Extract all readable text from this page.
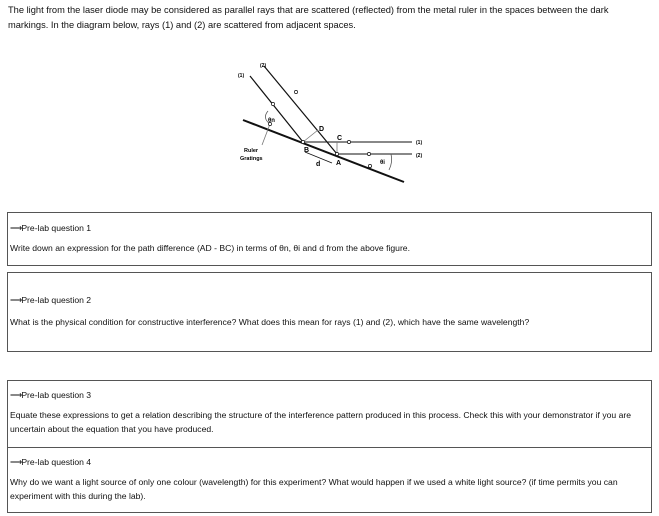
The light from the laser diode may be considered as parallel rays that are scattered (reflected) from the metal ruler in the spaces between the dark markings. In the diagram below, rays (1) and (2) are scattered from adjacent spaces.
(1)
(2)
(1)
(2)
θn
θi
D
C
B
A
d
Ruler
Gratings
⟶Pre-lab question 1
Write down an expression for the path difference (AD - BC) in terms of θn, θi and d from the above figure.
⟶Pre-lab question 2
What is the physical condition for constructive interference? What does this mean for rays (1) and (2), which have the same wavelength?
⟶Pre-lab question 3
Equate these expressions to get a relation describing the structure of the interference pattern produced in this process. Check this with your demonstrator if you are uncertain about the equation that you have produced.
⟶Pre-lab question 4
Why do we want a light source of only one colour (wavelength) for this experiment? What would happen if we used a white light source? (if time permits you can experiment with this during the lab).
